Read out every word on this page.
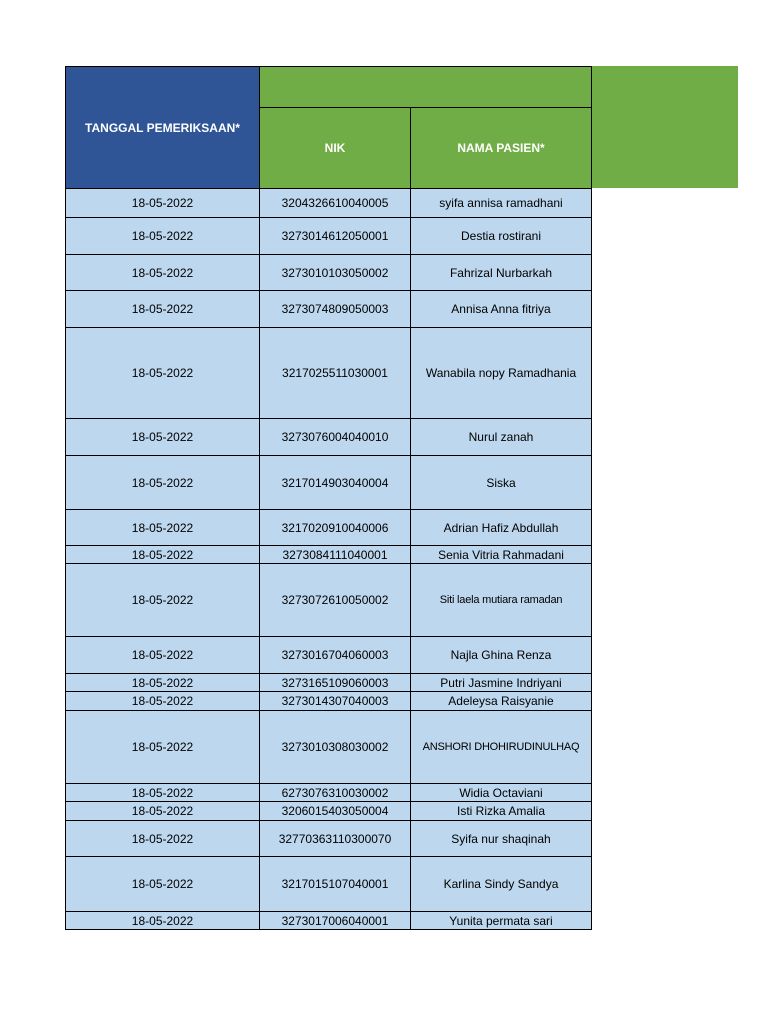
TANGGAL PEMERIKSAAN*		
	NIK	NAMA PASIEN*
18-05-2022	3204326610040005	syifa annisa ramadhani
18-05-2022	3273014612050001	Destia rostirani
18-05-2022	3273010103050002	Fahrizal Nurbarkah
18-05-2022	3273074809050003	Annisa Anna fitriya
18-05-2022	3217025511030001	Wanabila nopy Ramadhania
18-05-2022	3273076004040010	Nurul zanah
18-05-2022	3217014903040004	Siska
18-05-2022	3217020910040006	Adrian Hafiz Abdullah
18-05-2022	3273084111040001	Senia Vitria Rahmadani
18-05-2022	3273072610050002	Siti laela mutiara ramadan
18-05-2022	3273016704060003	Najla Ghina Renza
18-05-2022	3273165109060003	Putri Jasmine Indriyani
18-05-2022	3273014307040003	Adeleysa Raisyanie
18-05-2022	3273010308030002	ANSHORI DHOHIRUDINULHAQ
18-05-2022	6273076310030002	Widia Octaviani
18-05-2022	3206015403050004	Isti Rizka Amalia
18-05-2022	32770363110300070	Syifa nur shaqinah
18-05-2022	3217015107040001	Karlina Sindy Sandya
18-05-2022	3273017006040001	Yunita permata sari
